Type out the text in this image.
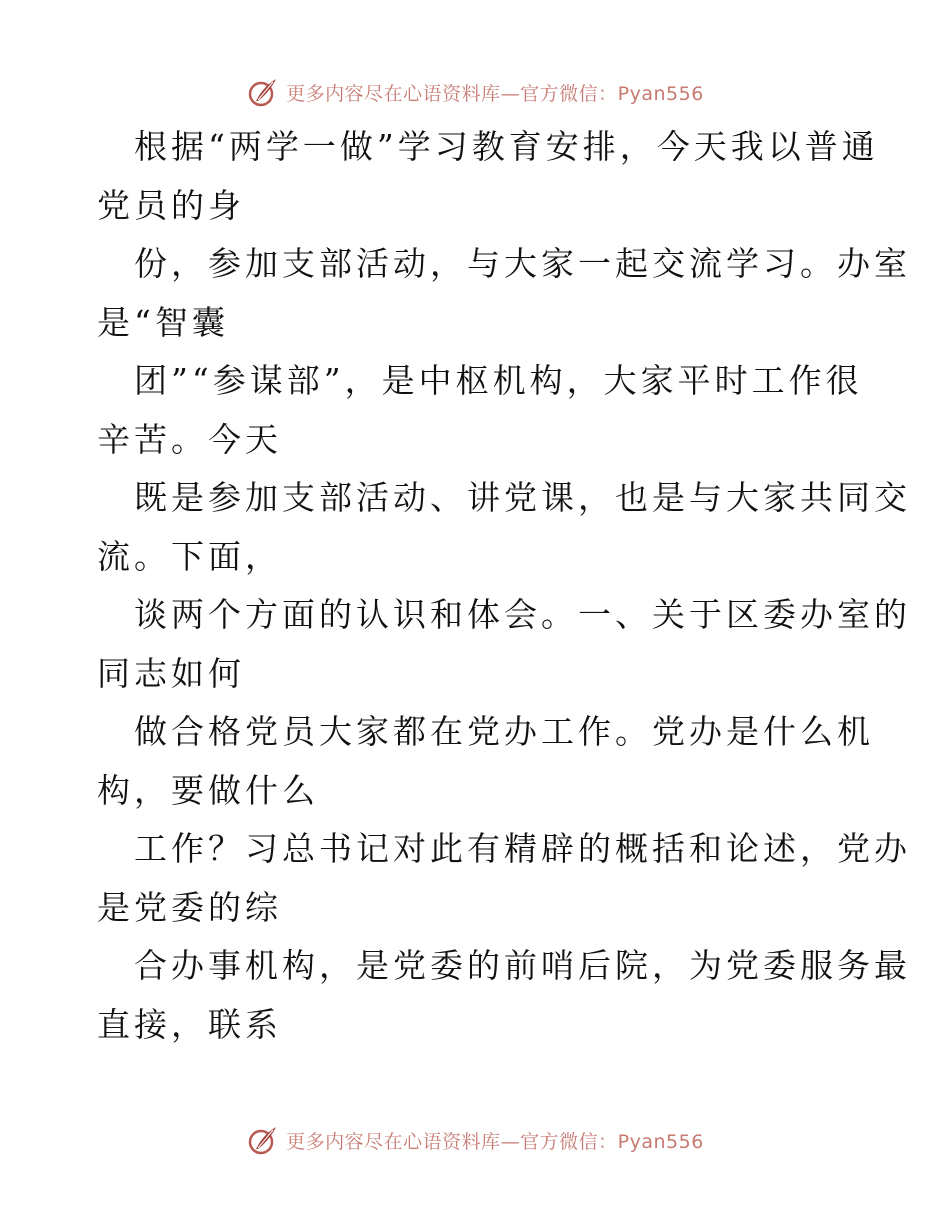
更多内容尽在心语资料库—官方微信：Pyan556
根据“两学一做”学习教育安排，今天我以普通
党员的身
份，参加支部活动，与大家一起交流学习。办室
是“智囊
团”“参谋部”，是中枢机构，大家平时工作很
辛苦。今天
既是参加支部活动、讲党课，也是与大家共同交
流。下面，
谈两个方面的认识和体会。一、关于区委办室的
同志如何
做合格党员大家都在党办工作。党办是什么机
构，要做什么
工作？习总书记对此有精辟的概括和论述，党办
是党委的综
合办事机构，是党委的前哨后院，为党委服务最
直接，联系
更多内容尽在心语资料库—官方微信：Pyan556
